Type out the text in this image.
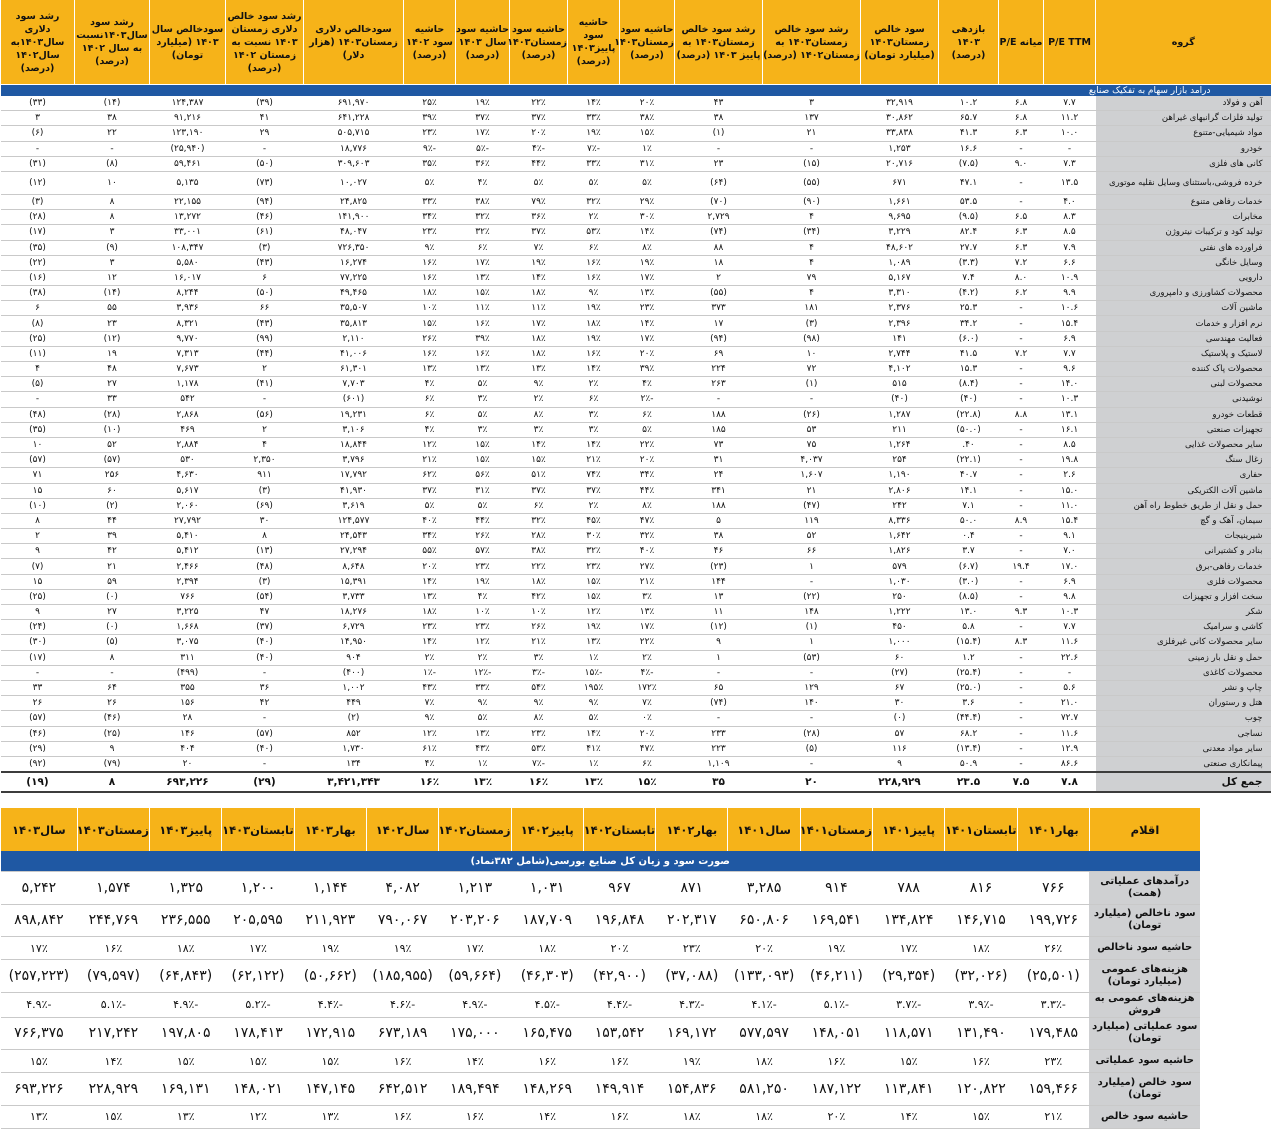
گروه	P/E TTM	میانه P/E	بازدهی ۱۴۰۳ (درصد)	سود خالص زمستان۱۴۰۳ (میلیارد تومان)	رشد سود خالص زمستان۱۴۰۳ به زمستان۱۴۰۲ (درصد)	رشد سود خالص زمستان۱۴۰۳ به پاییز ۱۴۰۳ (درصد)	حاشیه سود زمستان۱۴۰۳ (درصد)	حاشیه سود پاییز۱۴۰۳ (درصد)	حاشیه سود زمستان۱۴۰۳ (درصد)	حاشیه سود سال ۱۴۰۳ (درصد)	حاشیه سود ۱۴۰۲ (درصد)	سودخالص دلاری زمستان۱۴۰۳ (هزار دلار)	رشد سود خالص دلاری زمستان ۱۴۰۳ نسبت به زمستان ۱۴۰۲ (درصد)	سودخالص سال ۱۴۰۳ (میلیارد تومان)	رشد سود سال۱۴۰۳نسبت به سال ۱۴۰۲ (درصد)	رشد سود دلاری سال۱۴۰۳به سال۱۴۰۲ (درصد)
درامد بازار سهام به تفکیک صنایع																
آهن و فولاد	۷.۷	۶.۸	۱۰.۲	۳۲,۹۱۹	۳	۴۳	۲۰٪	۱۴٪	۲۲٪	۱۹٪	۲۵٪	۶۹۱,۹۷۰	(۳۹)	۱۲۴,۳۸۷	(۱۴)	(۳۳)
تولید فلزات گرانبهای غیراهن	۱۱.۲	۶.۸	۶۵.۷	۳۰,۸۶۲	۱۳۷	۳۸	۳۸٪	۳۳٪	۳۷٪	۳۷٪	۳۹٪	۶۴۱,۲۲۸	۴۱	۹۱,۲۱۶	۳۸	۳
مواد شیمیایی-متنوع	۱۰.۰	۶.۳	۴۱.۳	۳۳,۸۳۸	۲۱	(۱)	۱۵٪	۱۹٪	۲۰٪	۱۷٪	۲۳٪	۵۰۵,۷۱۵	۲۹	۱۲۳,۱۹۰	۲۲	(۶)
خودرو	-	-	۱۶.۶	۱,۲۵۳	-	-	۱٪	-۷٪	-۴٪	-۵٪	-۹٪	۱۸,۷۷۶	-	(۲۵,۹۴۰)	-	-
کانی های فلزی	۷.۳	۹.۰	(۷.۵)	۲۰,۷۱۶	(۱۵)	۲۳	۳۱٪	۳۳٪	۴۴٪	۳۶٪	۳۵٪	۳۰۹,۶۰۳	(۵۰)	۵۹,۴۶۱	(۸)	(۳۱)
خرده فروشی،باستثنای وسایل نقلیه موتوری	۱۳.۵	-	۴۷.۱	۶۷۱	(۵۵)	(۶۴)	۵٪	۵٪	۵٪	۴٪	۵٪	۱۰,۰۲۷	(۷۳)	۵,۱۳۵	۱۰	(۱۲)
خدمات رفاهی متنوع	۴.۰	-	۵۳.۵	۱,۶۶۱	(۹۰)	(۷۰)	۲۹٪	۳۲٪	۷۹٪	۳۸٪	۳۳٪	۲۴,۸۲۵	(۹۴)	۲۲,۱۵۵	۸	(۳)
مخابرات	۸.۳	۶.۵	(۹.۵)	۹,۶۹۵	۴	۲,۷۲۹	۳۰٪	۲٪	۳۶٪	۳۲٪	۳۴٪	۱۴۱,۹۰۰	(۴۶)	۱۳,۲۷۲	۸	(۲۸)
تولید کود و ترکیبات نیتروژن	۸.۵	۶.۳	۸۲.۴	۳,۲۲۹	(۳۴)	(۷۴)	۱۴٪	۵۳٪	۳۷٪	۳۲٪	۲۳٪	۴۸,۰۴۷	(۶۱)	۳۳,۰۰۱	۳	(۱۷)
فراورده های نفتی	۷.۹	۶.۳	۲۷.۷	۴۸,۶۰۲	۴	۸۸	۸٪	۶٪	۷٪	۶٪	۹٪	۷۲۶,۳۵۰	(۳)	۱۰۸,۳۴۷	(۹)	(۳۵)
وسایل خانگی	۶.۶	۷.۲	(۳.۳)	۱,۰۸۹	۴	۱۸	۱۹٪	۱۶٪	۱۹٪	۱۷٪	۱۶٪	۱۶,۲۷۴	(۴۳)	۵,۵۸۰	۳	(۲۲)
دارویی	۱۰.۹	۸.۰	۷.۴	۵,۱۶۷	۷۹	۲	۱۷٪	۱۶٪	۱۴٪	۱۳٪	۱۶٪	۷۷,۲۲۵	۶	۱۶,۰۱۷	۱۲	(۱۶)
محصولات کشاورزی و دامپروری	۹.۹	۶.۲	(۴.۲)	۳,۳۱۰	۴	(۵۵)	۱۳٪	۹٪	۱۸٪	۱۵٪	۱۸٪	۴۹,۴۶۵	(۵۰)	۸,۲۴۴	(۱۴)	(۳۸)
ماشین آلات	۱۰.۶	-	۲۵.۳	۲,۳۷۶	۱۸۱	۳۷۳	۲۳٪	۱۹٪	۱۱٪	۱۱٪	۱۰٪	۳۵,۵۰۷	۶۶	۳,۹۳۶	۵۵	۶
نرم افزار و خدمات	۱۵.۴	-	۳۴.۲	۲,۳۹۶	(۳)	۱۷	۱۴٪	۱۸٪	۱۷٪	۱۶٪	۱۵٪	۳۵,۸۱۳	(۴۳)	۸,۳۲۱	۲۳	(۸)
فعالیت مهندسی	۶.۹	-	(۶.۰)	۱۴۱	(۹۸)	(۹۴)	۱۷٪	۱۹٪	۱۸٪	۳۹٪	۲۶٪	۲,۱۱۰	(۹۹)	۹,۷۷۰	(۱۲)	(۲۵)
لاستیک و پلاستیک	۷.۷	۷.۲	۴۱.۵	۲,۷۴۴	۱۰	۶۹	۲۰٪	۱۶٪	۱۸٪	۱۶٪	۱۶٪	۴۱,۰۰۶	(۴۴)	۷,۳۱۳	۱۹	(۱۱)
محصولات پاک کننده	۹.۶	-	۱۵.۳	۴,۱۰۲	۷۲	۲۲۴	۳۹٪	۱۴٪	۱۳٪	۱۳٪	۱۳٪	۶۱,۳۰۱	۲	۷,۶۷۳	۴۸	۴
محصولات لبنی	۱۴.۰	-	(۸.۴)	۵۱۵	(۱)	۲۶۳	۴٪	۲٪	۹٪	۵٪	۴٪	۷,۷۰۳	(۴۱)	۱,۱۷۸	۲۷	(۵)
نوشیدنی	۱۰.۳	-	(۴۰)	(۴۰)	-	-	-۲٪	۶٪	۲٪	۳٪	۶٪	(۶۰۱)	-	۵۴۲	۳۳	-
قطعات خودرو	۱۳.۱	۸.۸	(۲۲.۸)	۱,۲۸۷	(۲۶)	۱۸۸	۶٪	۳٪	۸٪	۵٪	۶٪	۱۹,۲۳۱	(۵۶)	۲,۸۶۸	(۲۸)	(۴۸)
تجهیزات صنعتی	۱۶.۱	-	(۵۰.۰)	۲۱۱	۵۳	۱۸۵	۵٪	۳٪	۳٪	۳٪	۴٪	۳,۱۰۶	۲	۴۶۹	(۱۰)	(۳۵)
سایر محصولات غذایی	۸.۵	-	۴۰.	۱,۲۶۴	۷۵	۷۳	۲۲٪	۱۴٪	۱۴٪	۱۵٪	۱۲٪	۱۸,۸۴۴	۴	۲,۸۸۴	۵۲	۱۰
زغال سنگ	۱۹.۸	-	(۲۲.۱)	۲۵۴	۴,۰۳۷	۳۱	۲۰٪	۲۱٪	۱۵٪	۱۵٪	۲۱٪	۳,۷۹۶	۲,۳۵۰	۵۳۰	(۵۷)	(۵۷)
حفاری	۲.۶	-	۴۰.۷	۱,۱۹۰	۱,۶۰۷	۲۴	۳۴٪	۷۴٪	۵۱٪	۵۶٪	۶۲٪	۱۷,۷۹۲	۹۱۱	۴,۶۳۰	۲۵۶	۷۱
ماشین آلات الکتریکی	۱۵.۰	-	۱۴.۱	۲,۸۰۶	۲۱	۳۴۱	۴۴٪	۳۷٪	۳۷٪	۳۱٪	۳۷٪	۴۱,۹۳۰	(۳)	۵,۶۱۷	۶۰	۱۵
حمل و نقل از طریق خطوط راه آهن	۱۱.۰	-	۷.۱	۲۴۲	(۴۷)	۱۸۸	۸٪	۲٪	۶٪	۵٪	۵٪	۳,۶۱۹	(۶۹)	۲,۰۶۰	(۲)	(۱۰)
سیمان، آهک و گچ	۱۵.۴	۸.۹	۵۰.۰	۸,۳۳۶	۱۱۹	۵	۴۷٪	۴۵٪	۳۲٪	۴۴٪	۴۰٪	۱۲۴,۵۷۷	۳۰	۲۷,۷۹۲	۴۴	۸
شیرینیجات	۹.۱	-	۰.۴	۱,۶۴۲	۵۲	۳۸	۳۲٪	۳۰٪	۲۸٪	۲۶٪	۳۴٪	۲۴,۵۴۳	۸	۵,۴۱۰	۳۹	۲
بنادر و کشتیرانی	۷.۰	-	۳.۷	۱,۸۲۶	۶۶	۴۶	۴۰٪	۳۲٪	۳۸٪	۵۷٪	۵۵٪	۲۷,۲۹۴	(۱۳)	۵,۴۱۲	۴۲	۹
خدمات رفاهی-برق	۱۷.۰	۱۹.۴	(۶.۷)	۵۷۹	۱	(۲۳)	۲۷٪	۲۳٪	۲۲٪	۲۳٪	۲۰٪	۸,۶۴۸	(۴۸)	۲,۴۶۶	۲۱	(۷)
محصولات فلزی	۶.۹	-	(۳.۰)	۱,۰۳۰	-	۱۴۴	۲۱٪	۱۵٪	۱۸٪	۱۹٪	۱۴٪	۱۵,۳۹۱	(۳)	۲,۳۹۴	۵۹	۱۵
سخت افزار و تجهیزات	۹.۸	-	(۸.۵)	۲۵۰	(۲۲)	۱۳	۳٪	۱۵٪	۴۲٪	۴٪	۱۳٪	۳,۷۳۳	(۵۴)	۷۶۶	(۰)	(۲۵)
شکر	۱۰.۳	۹.۳	۱۳.۰	۱,۲۲۲	۱۴۸	۱۱	۱۳٪	۱۲٪	۱۰٪	۱۰٪	۱۸٪	۱۸,۲۷۶	۴۷	۳,۲۲۵	۲۷	۹
کاشی و سرامیک	۷.۷	-	۵.۸	۴۵۰	(۱)	(۱۲)	۱۷٪	۱۹٪	۲۶٪	۲۳٪	۲۳٪	۶,۷۲۹	(۳۷)	۱,۶۶۸	(۰)	(۲۴)
سایر محصولات کانی غیرفلزی	۱۱.۶	۸.۳	(۱۵.۴)	۱,۰۰۰	۱	۹	۲۲٪	۱۳٪	۲۱٪	۱۲٪	۱۴٪	۱۴,۹۵۰	(۴۰)	۳,۰۷۵	(۵)	(۳۰)
حمل و نقل بار زمینی	۲۲.۶	-	۱.۲	۶۰	(۵۳)	۱	۲٪	۱٪	۳٪	۲٪	۲٪	۹۰۴	(۴۰)	۳۱۱	۸	(۱۷)
محصولات کاغذی	-	-	(۲۵.۴)	(۲۷)	-	-	-۴٪	-۱۵٪	-۳٪	-۱۲٪	-۱٪	(۴۰۰)	-	(۴۹۹)	-	-
چاپ و نشر	۵.۶	-	(۲۵.۰)	۶۷	۱۲۹	۶۵	۱۷۲٪	۱۹۵٪	۵۴٪	۳۳٪	۴۳٪	۱,۰۰۲	۳۶	۳۵۵	۶۴	۳۳
هتل و رستوران	۲۱.۰	-	۳.۶	۳۰	۱۴۰	(۷۴)	۷٪	۹٪	۹٪	۹٪	۷٪	۴۴۹	۴۲	۱۵۶	۲۶	۲۶
چوب	۷۲.۷	-	(۴۴.۴)	(۰)	-	-	۰٪	۵٪	۸٪	۵٪	۹٪	(۲)	-	۲۸	(۴۶)	(۵۷)
نساجی	۱۱.۶	-	۶۸.۲	۵۷	(۲۸)	۲۳۳	۲۰٪	۱۴٪	۲۳٪	۱۳٪	۱۲٪	۸۵۲	(۵۷)	۱۴۶	(۲۵)	(۴۶)
سایر مواد معدنی	۱۲.۹	-	(۱۳.۴)	۱۱۶	(۵)	۲۲۳	۴۷٪	۴۱٪	۵۳٪	۴۳٪	۶۱٪	۱,۷۳۰	(۴۰)	۴۰۴	۹	(۲۹)
پیمانکاری صنعتی	۸۶.۶	-	۵۰.۹	۹	-	۱,۱۰۹	۶٪	۱٪	-۷٪	۱٪	۴٪	۱۳۴	-	۲۰	(۷۹)	(۹۲)
جمع کل	۷.۸	۷.۵	۲۳.۵	۲۲۸,۹۲۹	۲۰	۳۵	۱۵٪	۱۳٪	۱۶٪	۱۳٪	۱۶٪	۳,۴۲۱,۳۴۳	(۲۹)	۶۹۳,۲۲۶	۸	(۱۹)
صورت سود و زیان کل صنایع بورسی(شامل ۳۸۲نماد)															
اقلام	بهار۱۴۰۱	تابستان۱۴۰۱	پاییز۱۴۰۱	زمستان۱۴۰۱	سال۱۴۰۱	بهار۱۴۰۲	تابستان۱۴۰۲	پاییز۱۴۰۲	زمستان۱۴۰۲	سال۱۴۰۲	بهار۱۴۰۳	تابستان۱۴۰۳	پاییز۱۴۰۳	زمستان۱۴۰۳	سال۱۴۰۳
درآمدهای عملیاتی (همت)	۷۶۶	۸۱۶	۷۸۸	۹۱۴	۳,۲۸۵	۸۷۱	۹۶۷	۱,۰۳۱	۱,۲۱۳	۴,۰۸۲	۱,۱۴۴	۱,۲۰۰	۱,۳۲۵	۱,۵۷۴	۵,۲۴۲
سود ناخالص (میلیارد تومان)	۱۹۹,۷۲۶	۱۴۶,۷۱۵	۱۳۴,۸۲۴	۱۶۹,۵۴۱	۶۵۰,۸۰۶	۲۰۲,۳۱۷	۱۹۶,۸۴۸	۱۸۷,۷۰۹	۲۰۳,۲۰۶	۷۹۰,۰۶۷	۲۱۱,۹۲۳	۲۰۵,۵۹۵	۲۳۶,۵۵۵	۲۴۴,۷۶۹	۸۹۸,۸۴۲
حاشیه سود ناخالص	۲۶٪	۱۸٪	۱۷٪	۱۹٪	۲۰٪	۲۳٪	۲۰٪	۱۸٪	۱۷٪	۱۹٪	۱۹٪	۱۷٪	۱۸٪	۱۶٪	۱۷٪
هزینه‌های عمومی (میلیارد تومان)	(۲۵,۵۰۱)	(۳۲,۰۲۶)	(۲۹,۳۵۴)	(۴۶,۲۱۱)	(۱۳۳,۰۹۳)	(۳۷,۰۸۸)	(۴۲,۹۰۰)	(۴۶,۳۰۳)	(۵۹,۶۶۴)	(۱۸۵,۹۵۵)	(۵۰,۶۶۲)	(۶۲,۱۲۲)	(۶۴,۸۴۳)	(۷۹,۵۹۷)	(۲۵۷,۲۲۳)
هزینه‌های عمومی به فروش	-۳.۳٪	-۳.۹٪	-۳.۷٪	-۵.۱٪	-۴.۱٪	-۴.۳٪	-۴.۴٪	-۴.۵٪	-۴.۹٪	-۴.۶٪	-۴.۴٪	-۵.۲٪	-۴.۹٪	-۵.۱٪	-۴.۹٪
سود عملیاتی (میلیارد تومان)	۱۷۹,۴۸۵	۱۳۱,۴۹۰	۱۱۸,۵۷۱	۱۴۸,۰۵۱	۵۷۷,۵۹۷	۱۶۹,۱۷۲	۱۵۳,۵۴۲	۱۶۵,۴۷۵	۱۷۵,۰۰۰	۶۷۳,۱۸۹	۱۷۲,۹۱۵	۱۷۸,۴۱۳	۱۹۷,۸۰۵	۲۱۷,۲۴۲	۷۶۶,۳۷۵
حاشیه سود عملیاتی	۲۳٪	۱۶٪	۱۵٪	۱۶٪	۱۸٪	۱۹٪	۱۶٪	۱۶٪	۱۴٪	۱۶٪	۱۵٪	۱۵٪	۱۵٪	۱۴٪	۱۵٪
سود خالص (میلیارد تومان)	۱۵۹,۴۶۶	۱۲۰,۸۲۲	۱۱۳,۸۴۱	۱۸۷,۱۲۲	۵۸۱,۲۵۰	۱۵۴,۸۳۶	۱۴۹,۹۱۴	۱۴۸,۲۶۹	۱۸۹,۴۹۴	۶۴۲,۵۱۲	۱۴۷,۱۴۵	۱۴۸,۰۲۱	۱۶۹,۱۳۱	۲۲۸,۹۲۹	۶۹۳,۲۲۶
حاشیه سود خالص	۲۱٪	۱۵٪	۱۴٪	۲۰٪	۱۸٪	۱۸٪	۱۶٪	۱۴٪	۱۶٪	۱۶٪	۱۳٪	۱۲٪	۱۳٪	۱۵٪	۱۳٪
